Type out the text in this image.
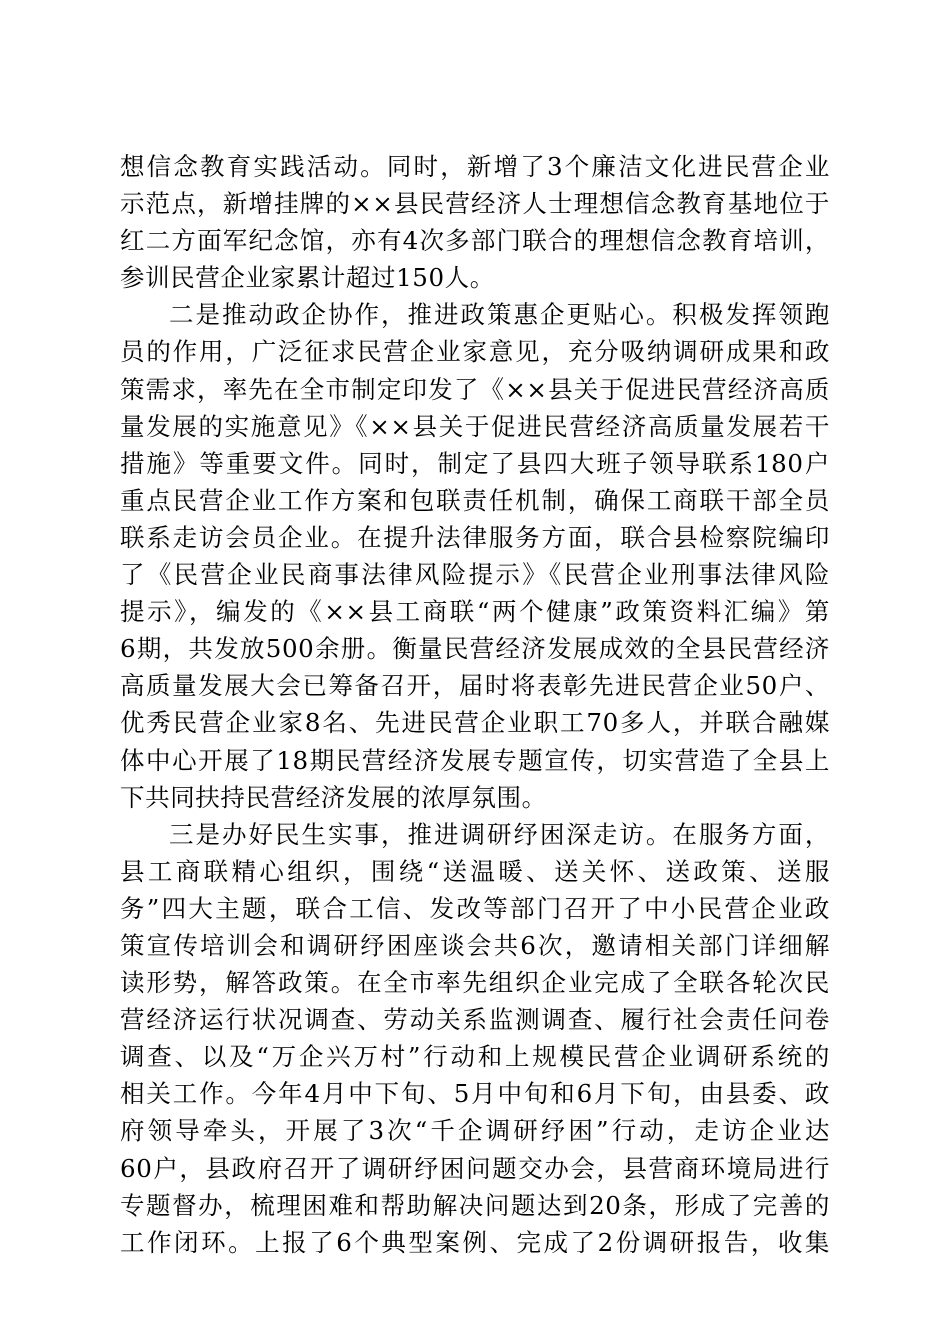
想信念教育实践活动。同时，新增了3个廉洁文化进民营企业
示范点，新增挂牌的××县民营经济人士理想信念教育基地位于
红二方面军纪念馆，亦有4次多部门联合的理想信念教育培训，
参训民营企业家累计超过150人。
二是推动政企协作，推进政策惠企更贴心。积极发挥领跑
员的作用，广泛征求民营企业家意见，充分吸纳调研成果和政
策需求，率先在全市制定印发了《××县关于促进民营经济高质
量发展的实施意见》《××县关于促进民营经济高质量发展若干
措施》等重要文件。同时，制定了县四大班子领导联系180户
重点民营企业工作方案和包联责任机制，确保工商联干部全员
联系走访会员企业。在提升法律服务方面，联合县检察院编印
了《民营企业民商事法律风险提示》《民营企业刑事法律风险
提示》，编发的《××县工商联“两个健康”政策资料汇编》第
6期，共发放500余册。衡量民营经济发展成效的全县民营经济
高质量发展大会已筹备召开，届时将表彰先进民营企业50户、
优秀民营企业家8名、先进民营企业职工70多人，并联合融媒
体中心开展了18期民营经济发展专题宣传，切实营造了全县上
下共同扶持民营经济发展的浓厚氛围。
三是办好民生实事，推进调研纾困深走访。在服务方面，
县工商联精心组织，围绕“送温暖、送关怀、送政策、送服
务”四大主题，联合工信、发改等部门召开了中小民营企业政
策宣传培训会和调研纾困座谈会共6次，邀请相关部门详细解
读形势，解答政策。在全市率先组织企业完成了全联各轮次民
营经济运行状况调查、劳动关系监测调查、履行社会责任问卷
调查、以及“万企兴万村”行动和上规模民营企业调研系统的
相关工作。今年4月中下旬、5月中旬和6月下旬，由县委、政
府领导牵头，开展了3次“千企调研纾困”行动，走访企业达
60户，县政府召开了调研纾困问题交办会，县营商环境局进行
专题督办，梳理困难和帮助解决问题达到20条，形成了完善的
工作闭环。上报了6个典型案例、完成了2份调研报告，收集
